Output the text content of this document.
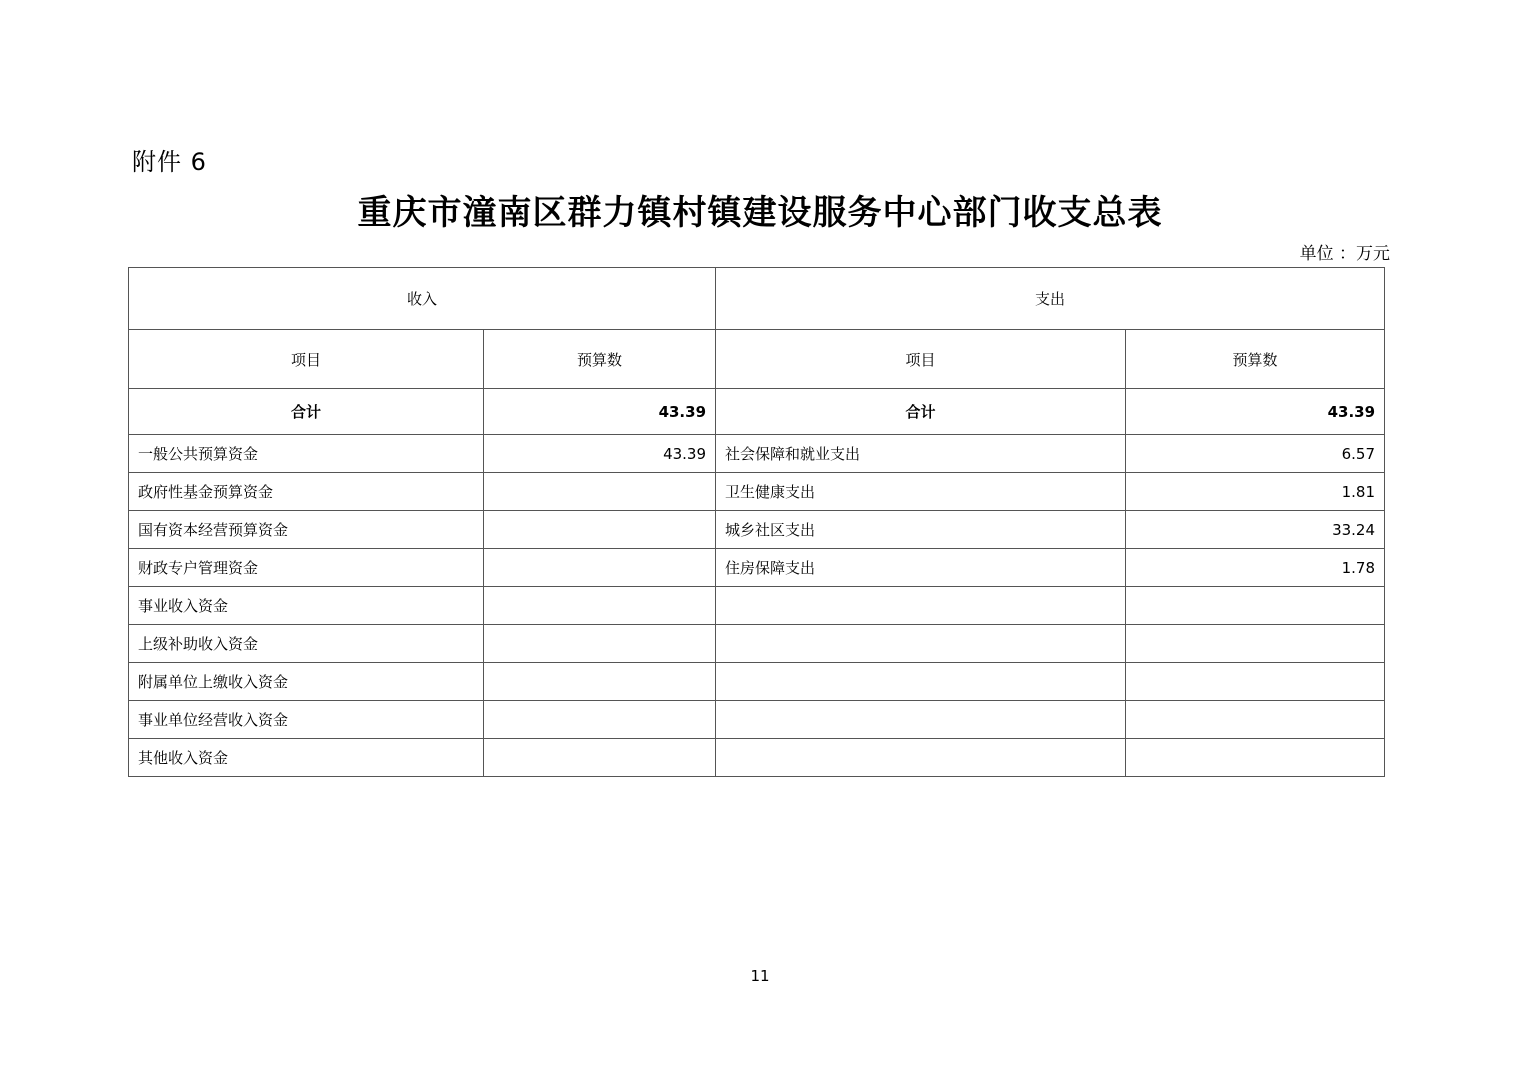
附件 6
重庆市潼南区群力镇村镇建设服务中心部门收支总表
单位 ：万元
收入		支出	
项目	预算数	项目	预算数
合计	43.39	合计	43.39
一般公共预算资金	43.39	社会保障和就业支出	6.57
政府性基金预算资金		卫生健康支出	1.81
国有资本经营预算资金		城乡社区支出	33.24
财政专户管理资金		住房保障支出	1.78
事业收入资金			
上级补助收入资金			
附属单位上缴收入资金			
事业单位经营收入资金			
其他收入资金			
11
